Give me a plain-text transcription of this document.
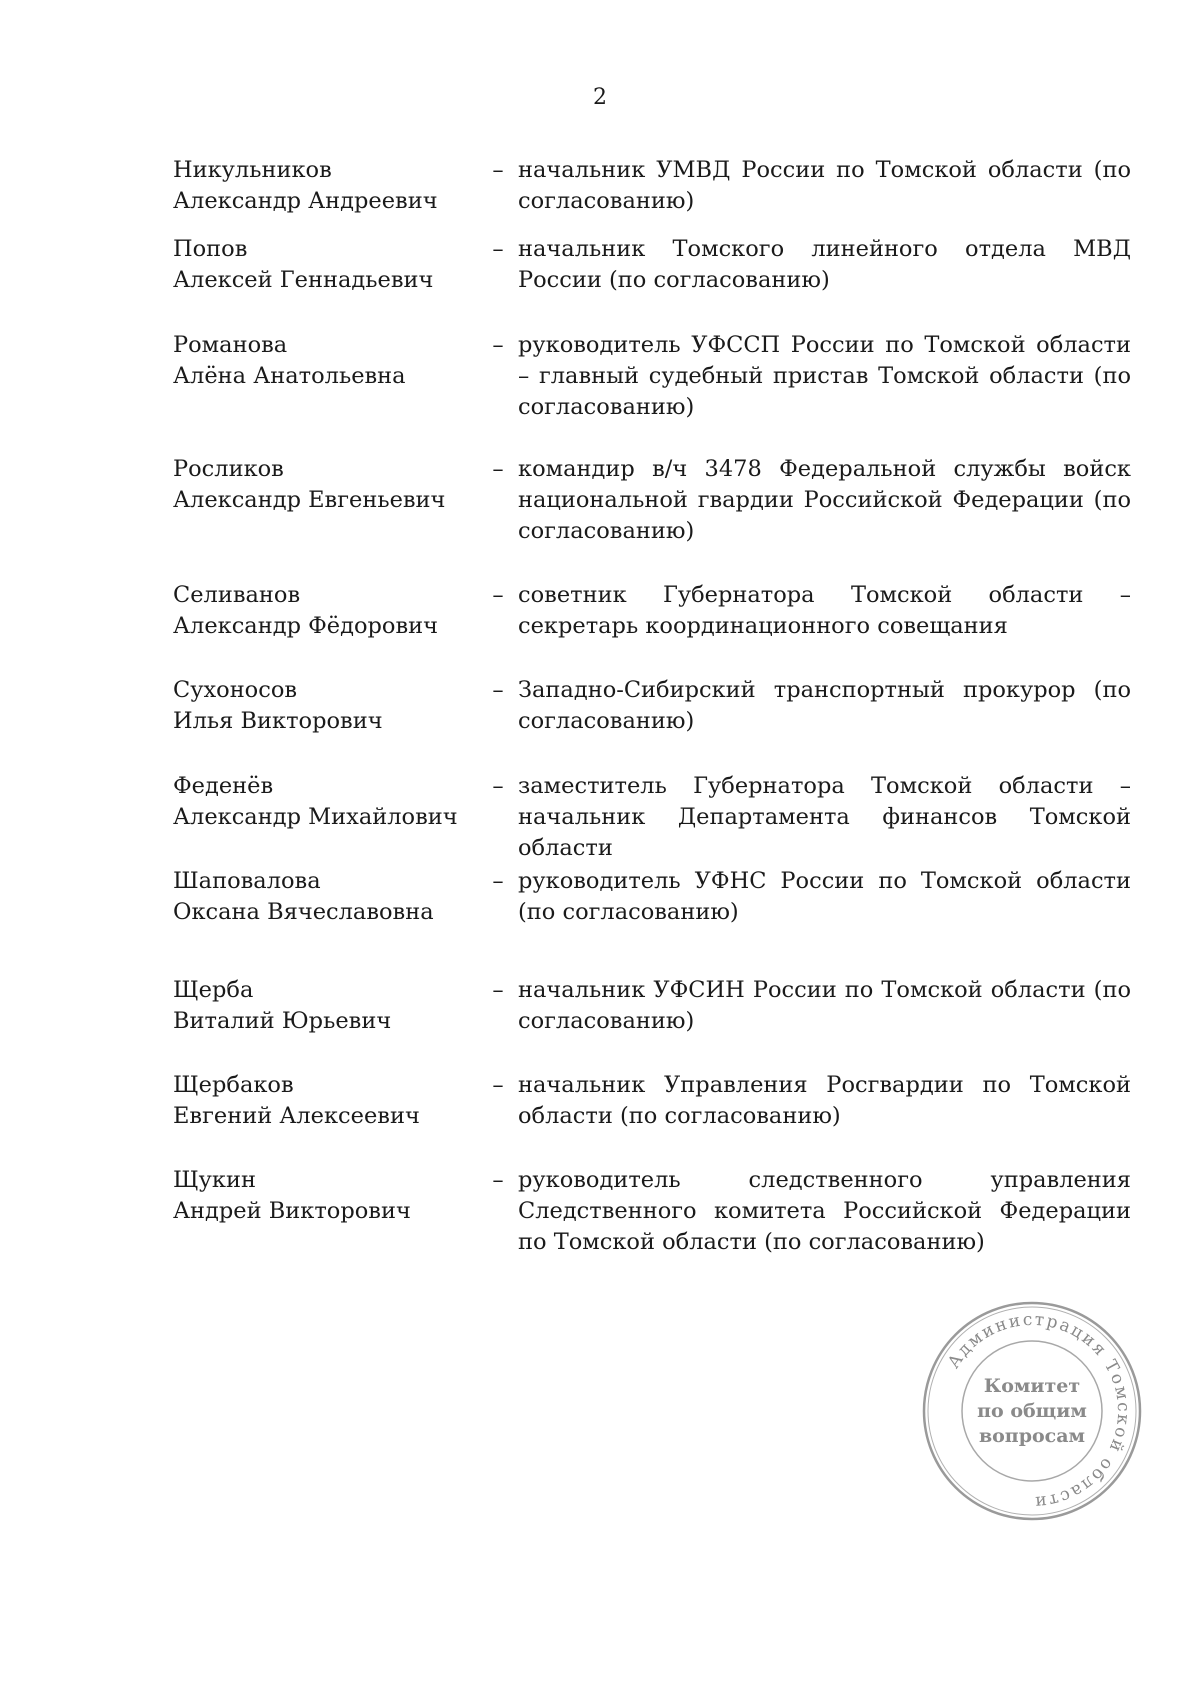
2
Никульников
Александр Андреевич
– начальник УМВД России по Томской области (по согласованию)
Попов
Алексей Геннадьевич
– начальник Томского линейного отдела МВД России (по согласованию)
Романова
Алёна Анатольевна
– руководитель УФССП России по Томской области – главный судебный пристав Томской области (по согласованию)
Росликов
Александр Евгеньевич
– командир в/ч 3478 Федеральной службы войск национальной гвардии Российской Федерации (по согласованию)
Селиванов
Александр Фёдорович
– советник Губернатора Томской области – секретарь координационного совещания
Сухоносов
Илья Викторович
– Западно-Сибирский транспортный прокурор (по согласованию)
Феденёв
Александр Михайлович
– заместитель Губернатора Томской области – начальник Департамента финансов Томской области
Шаповалова
Оксана Вячеславовна
– руководитель УФНС России по Томской области (по согласованию)
Щерба
Виталий Юрьевич
– начальник УФСИН России по Томской области (по согласованию)
Щербаков
Евгений Алексеевич
– начальник Управления Росгвардии по Томской области (по согласованию)
Щукин
Андрей Викторович
– руководитель следственного управления Следственного комитета Российской Федерации по Томской области (по согласованию)
Администрация Томской области
Комитет
по общим
вопросам
